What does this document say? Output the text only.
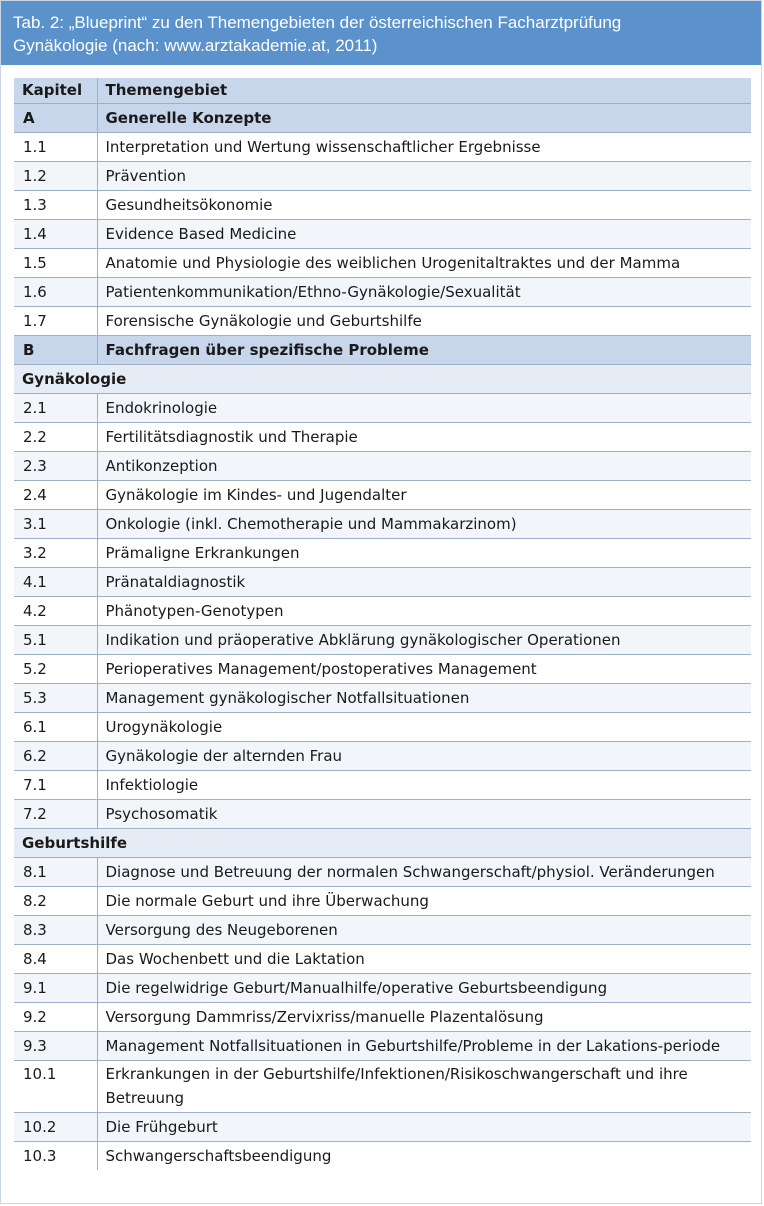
Tab. 2: „Blueprint“ zu den Themengebieten der österreichischen Facharztprüfung
Gynäkologie (nach: www.arztakademie.at, 2011)
Kapitel	Themengebiet
A	Generelle Konzepte
1.1	Interpretation und Wertung wissenschaftlicher Ergebnisse
1.2	Prävention
1.3	Gesundheitsökonomie
1.4	Evidence Based Medicine
1.5	Anatomie und Physiologie des weiblichen Urogenitaltraktes und der Mamma
1.6	Patientenkommunikation/Ethno-Gynäkologie/Sexualität
1.7	Forensische Gynäkologie und Geburtshilfe
B	Fachfragen über spezifische Probleme
Gynäkologie	
2.1	Endokrinologie
2.2	Fertilitätsdiagnostik und Therapie
2.3	Antikonzeption
2.4	Gynäkologie im Kindes- und Jugendalter
3.1	Onkologie (inkl. Chemotherapie und Mammakarzinom)
3.2	Prämaligne Erkrankungen
4.1	Pränataldiagnostik
4.2	Phänotypen-Genotypen
5.1	Indikation und präoperative Abklärung gynäkologischer Operationen
5.2	Perioperatives Management/postoperatives Management
5.3	Management gynäkologischer Notfallsituationen
6.1	Urogynäkologie
6.2	Gynäkologie der alternden Frau
7.1	Infektiologie
7.2	Psychosomatik
Geburtshilfe	
8.1	Diagnose und Betreuung der normalen Schwangerschaft/physiol. Veränderungen
8.2	Die normale Geburt und ihre Überwachung
8.3	Versorgung des Neugeborenen
8.4	Das Wochenbett und die Laktation
9.1	Die regelwidrige Geburt/Manualhilfe/operative Geburtsbeendigung
9.2	Versorgung Dammriss/Zervixriss/manuelle Plazentalösung
9.3	Management Notfallsituationen in Geburtshilfe/Probleme in der Lakations-periode
10.1	Erkrankungen in der Geburtshilfe/Infektionen/Risikoschwangerschaft und ihre Betreuung
10.2	Die Frühgeburt
10.3	Schwangerschaftsbeendigung
